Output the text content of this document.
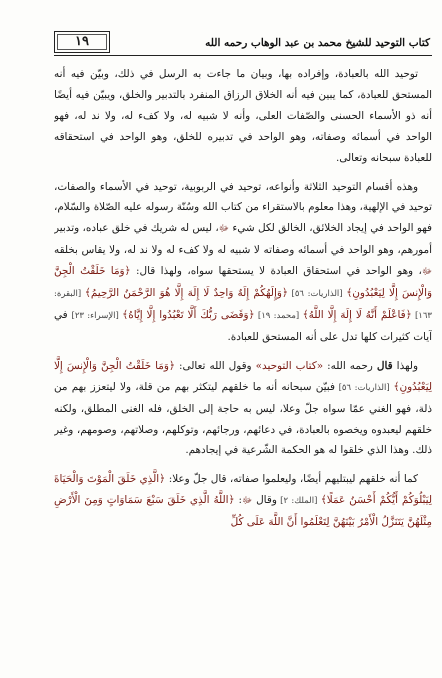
كتاب التوحيد للشيخ محمد بن عبد الوهاب رحمه الله
١٩

توحيد الله بالعبادة، وإفراده بها، وبيان ما جاءت به الرسل في ذلك، وبيّن فيه أنه المستحق للعبادة، كما يبين فيه أنه الخلاق الرزاق المنفرد بالتدبير والخلق، ويبيّن فيه أيضًا أنه ذو الأسماء الحسنى والصّفات العلى، وأنه لا شبيه له، ولا كفء له، ولا ند له، فهو الواحد في أسمائه وصفاته، وهو الواحد في تدبيره للخلق، وهو الواحد في استحقاقه للعبادة سبحانه وتعالى.

وهذه أقسام التوحيد الثلاثة وأنواعه، توحيد في الربوبية، توحيد في الأسماء والصفات، توحيد في الإلهية، وهذا معلوم بالاستقراء من كتاب الله وسُنّة رسوله عليه الصّلاة والسّلام، فهو الواحد في إيجاد الخلائق، الخالق لكل شيء ﷻ، ليس له شريك في خلق عباده، وتدبير أمورهم، وهو الواحد في أسمائه وصفاته لا شبيه له ولا كفء له ولا ند له، ولا يقاس بخلقه ﷻ، وهو الواحد في استحقاق العبادة لا يستحقها سواه، ولهذا قال: ﴿وَمَا خَلَقْتُ الْجِنَّ وَالْإِنسَ إِلَّا لِيَعْبُدُونِ﴾ [الذاريات: ٥٦] ﴿وَإِلَهُكُمْ إِلَهٌ وَاحِدٌ لَا إِلَهَ إِلَّا هُوَ الرَّحْمَنُ الرَّحِيمُ﴾ [البقرة: ١٦٣] ﴿فَاعْلَمْ أَنَّهُ لَا إِلَهَ إِلَّا اللَّهُ﴾ [محمد: ١٩] ﴿وَقَضَى رَبُّكَ أَلَّا تَعْبُدُوا إِلَّا إِيَّاهُ﴾ [الإسراء: ٢٣] في آيات كثيرات كلها تدل على أنه المستحق للعبادة.

ولهذا قال رحمه الله: «كتاب التوحيد» وقول الله تعالى: ﴿وَمَا خَلَقْتُ الْجِنَّ وَالْإِنسَ إِلَّا لِيَعْبُدُونِ﴾ [الذاريات: ٥٦] فبيّن سبحانه أنه ما خلقهم ليتكثر بهم من قلة، ولا ليتعزز بهم من ذلة، فهو الغني عمّا سواه جلّ وعلا، ليس به حاجة إلى الخلق، فله الغنى المطلق، ولكنه خلقهم ليعبدوه ويخصوه بالعبادة، في دعائهم، ورجائهم، وتوكلهم، وصلاتهم، وصومهم، وغير ذلك. وهذا الذي خلقوا له هو الحكمة الشّرعية في إيجادهم.

كما أنه خلقهم ليبتليهم أيضًا، وليعلموا صفاته، قال جلّ وعلا: ﴿الَّذِي خَلَقَ الْمَوْتَ وَالْحَيَاةَ لِيَبْلُوَكُمْ أَيُّكُمْ أَحْسَنُ عَمَلًا﴾ [الملك: ٢] وقال ﷻ: ﴿اللَّهُ الَّذِي خَلَقَ سَبْعَ سَمَاوَاتٍ وَمِنَ الْأَرْضِ مِثْلَهُنَّ يَتَنَزَّلُ الْأَمْرُ بَيْنَهُنَّ لِتَعْلَمُوا أَنَّ اللَّهَ عَلَى كُلِّ
